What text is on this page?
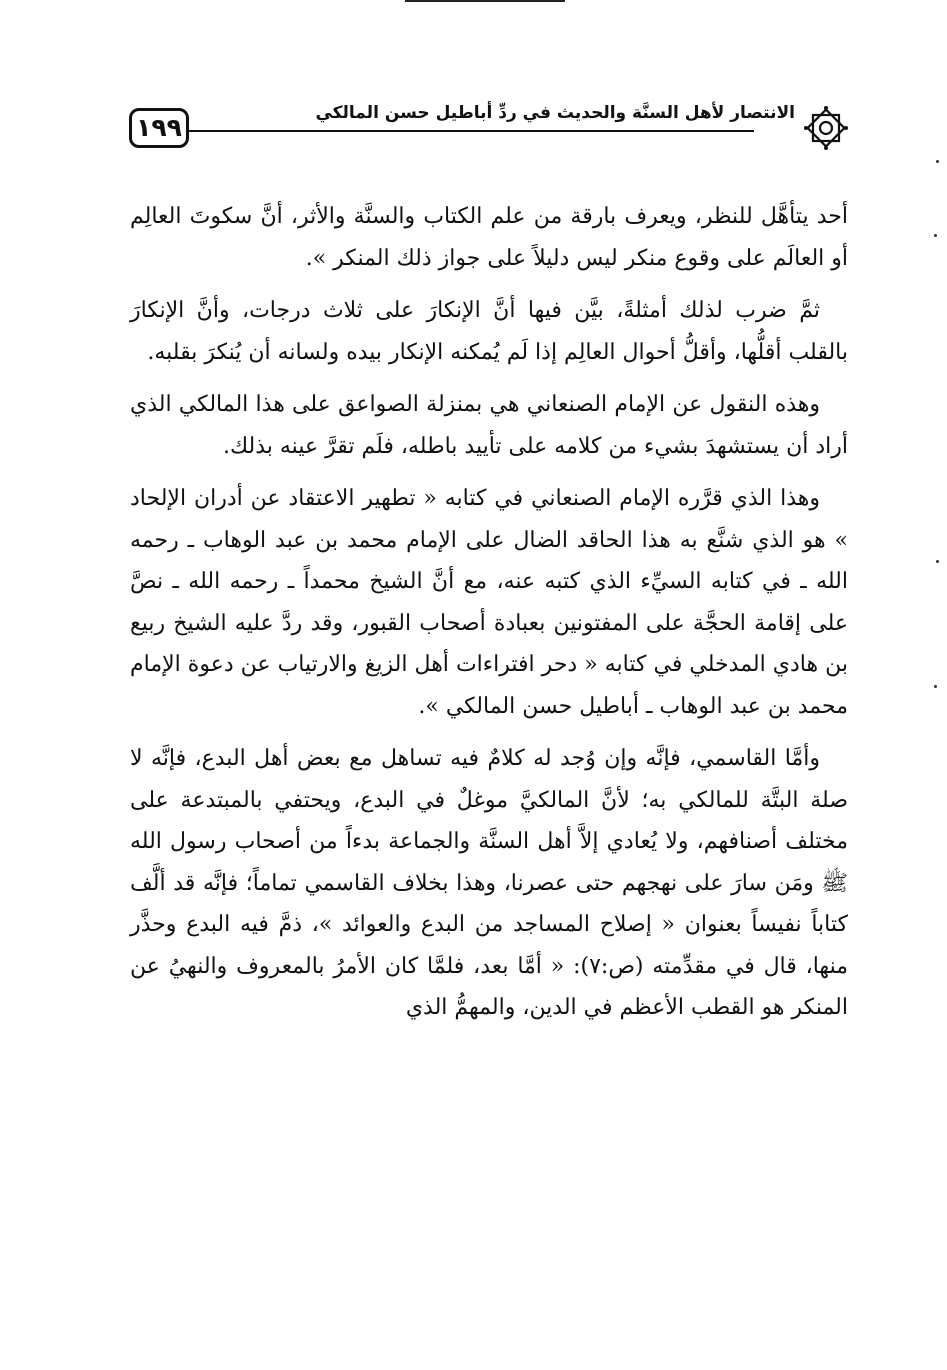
١٩٩	الانتصار لأهل السنَّة والحديث في ردِّ أباطيل حسن المالكي

أحد يتأهَّل للنظر، ويعرف بارقة من علم الكتاب والسنَّة والأثر، أنَّ سكوتَ العالِم أو العالَم على وقوع منكر ليس دليلاً على جواز ذلك المنكر ».

ثمَّ ضرب لذلك أمثلةً، بيَّن فيها أنَّ الإنكارَ على ثلاث درجات، وأنَّ الإنكارَ بالقلب أقلُّها، وأقلُّ أحوال العالِم إذا لَم يُمكنه الإنكار بيده ولسانه أن يُنكرَ بقلبه.

وهذه النقول عن الإمام الصنعاني هي بمنزلة الصواعق على هذا المالكي الذي أراد أن يستشهدَ بشيء من كلامه على تأييد باطله، فلَم تقرَّ عينه بذلك.

وهذا الذي قرَّره الإمام الصنعاني في كتابه « تطهير الاعتقاد عن أدران الإلحاد » هو الذي شنَّع به هذا الحاقد الضال على الإمام محمد بن عبد الوهاب ـ رحمه الله ـ في كتابه السيِّء الذي كتبه عنه، مع أنَّ الشيخ محمداً ـ رحمه الله ـ نصَّ على إقامة الحجَّة على المفتونين بعبادة أصحاب القبور، وقد ردَّ عليه الشيخ ربيع بن هادي المدخلي في كتابه « دحر افتراءات أهل الزيغ والارتياب عن دعوة الإمام محمد بن عبد الوهاب ـ أباطيل حسن المالكي ».

وأمَّا القاسمي، فإنَّه وإن وُجد له كلامٌ فيه تساهل مع بعض أهل البدع، فإنَّه لا صلة البتَّة للمالكي به؛ لأنَّ المالكيَّ موغلٌ في البدع، ويحتفي بالمبتدعة على مختلف أصنافهم، ولا يُعادي إلاَّ أهل السنَّة والجماعة بدءاً من أصحاب رسول الله ﷺ ومَن سارَ على نهجهم حتى عصرنا، وهذا بخلاف القاسمي تماماً؛ فإنَّه قد ألَّف كتاباً نفيساً بعنوان « إصلاح المساجد من البدع والعوائد »، ذمَّ فيه البدع وحذَّر منها، قال في مقدِّمته (ص:٧): « أمَّا بعد، فلمَّا كان الأمرُ بالمعروف والنهيُ عن المنكر هو القطب الأعظم في الدين، والمهمُّ الذي
